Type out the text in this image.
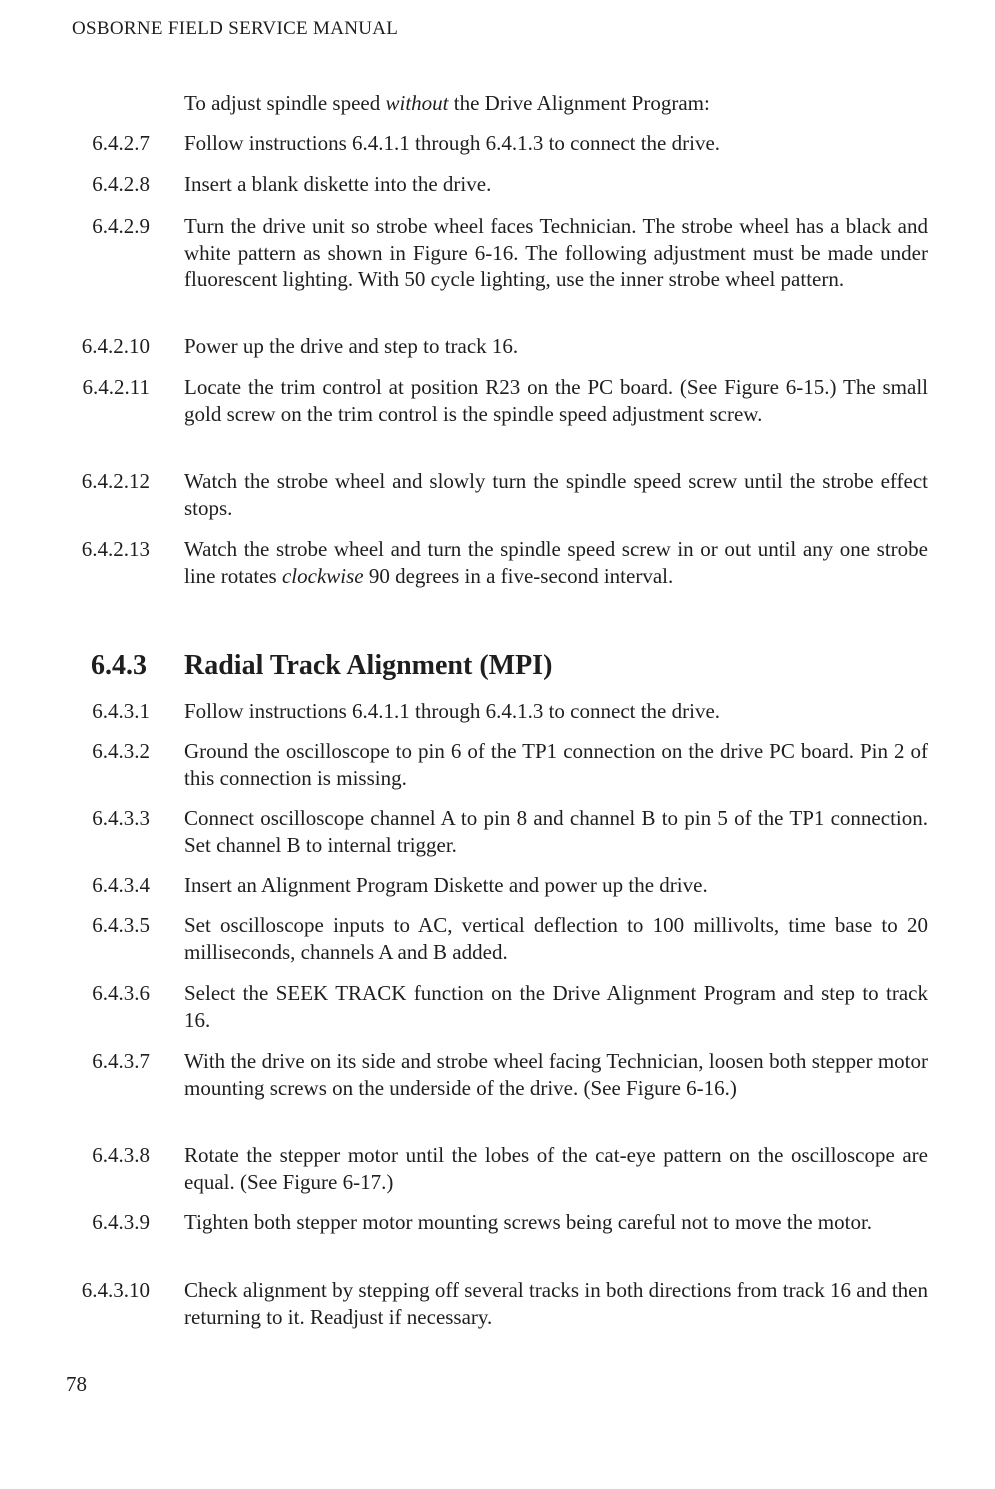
OSBORNE FIELD SERVICE MANUAL
To adjust spindle speed without the Drive Alignment Program:
6.4.2.7 Follow instructions 6.4.1.1 through 6.4.1.3 to connect the drive.
6.4.2.8 Insert a blank diskette into the drive.
6.4.2.9 Turn the drive unit so strobe wheel faces Technician. The strobe wheel has a black and white pattern as shown in Figure 6-16. The following adjustment must be made under fluorescent lighting. With 50 cycle lighting, use the inner strobe wheel pattern.
6.4.2.10 Power up the drive and step to track 16.
6.4.2.11 Locate the trim control at position R23 on the PC board. (See Figure 6-15.) The small gold screw on the trim control is the spindle speed adjustment screw.
6.4.2.12 Watch the strobe wheel and slowly turn the spindle speed screw until the strobe effect stops.
6.4.2.13 Watch the strobe wheel and turn the spindle speed screw in or out until any one strobe line rotates clockwise 90 degrees in a five-second interval.
6.4.3 Radial Track Alignment (MPI)
6.4.3.1 Follow instructions 6.4.1.1 through 6.4.1.3 to connect the drive.
6.4.3.2 Ground the oscilloscope to pin 6 of the TP1 connection on the drive PC board. Pin 2 of this connection is missing.
6.4.3.3 Connect oscilloscope channel A to pin 8 and channel B to pin 5 of the TP1 connection. Set channel B to internal trigger.
6.4.3.4 Insert an Alignment Program Diskette and power up the drive.
6.4.3.5 Set oscilloscope inputs to AC, vertical deflection to 100 millivolts, time base to 20 milliseconds, channels A and B added.
6.4.3.6 Select the SEEK TRACK function on the Drive Alignment Program and step to track 16.
6.4.3.7 With the drive on its side and strobe wheel facing Technician, loosen both stepper motor mounting screws on the underside of the drive. (See Figure 6-16.)
6.4.3.8 Rotate the stepper motor until the lobes of the cat-eye pattern on the oscilloscope are equal. (See Figure 6-17.)
6.4.3.9 Tighten both stepper motor mounting screws being careful not to move the motor.
6.4.3.10 Check alignment by stepping off several tracks in both directions from track 16 and then returning to it. Readjust if necessary.
78
